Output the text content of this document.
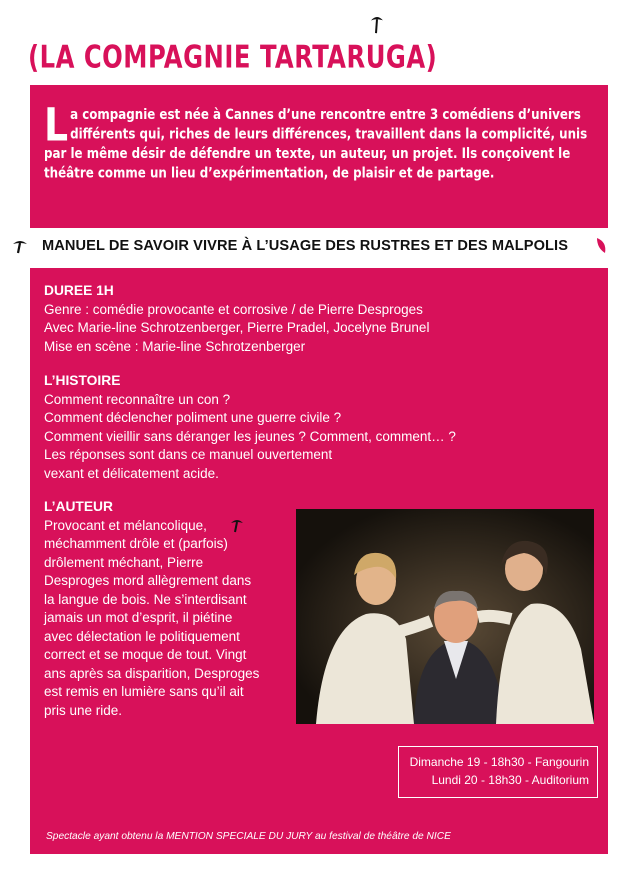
(LA COMPAGNIE TARTARUGA)
L a compagnie est née à Cannes d’une rencontre entre 3 comédiens d’univers différents qui, riches de leurs différences, travaillent dans la complicité, unis par le même désir de défendre un texte, un auteur, un projet. Ils conçoivent le théâtre comme un lieu d’expérimentation, de plaisir et de partage.
MANUEL DE SAVOIR VIVRE À L’USAGE DES RUSTRES ET DES MALPOLIS
DUREE 1H
Genre : comédie provocante et corrosive / de Pierre Desproges
Avec Marie-line Schrotzenberger, Pierre Pradel, Jocelyne Brunel
Mise en scène : Marie-line Schrotzenberger
L’HISTOIRE
Comment reconnaître un con ?
Comment déclencher poliment une guerre civile ?
Comment vieillir sans déranger les jeunes ? Comment, comment… ?
Les réponses sont dans ce manuel ouvertement
vexant et délicatement acide.
L’AUTEUR
Provocant et mélancolique,
méchamment drôle et (parfois)
drôlement méchant, Pierre
Desproges mord allègrement dans
la langue de bois. Ne s’interdisant
jamais un mot d’esprit, il piétine
avec délectation le politiquement
correct et se moque de tout. Vingt
ans après sa disparition, Desproges
est remis en lumière sans qu’il ait
pris une ride.
Dimanche 19 - 18h30 - Fangourin
Lundi 20 - 18h30 - Auditorium
Spectacle ayant obtenu la MENTION SPECIALE DU JURY au festival de théâtre de NICE
